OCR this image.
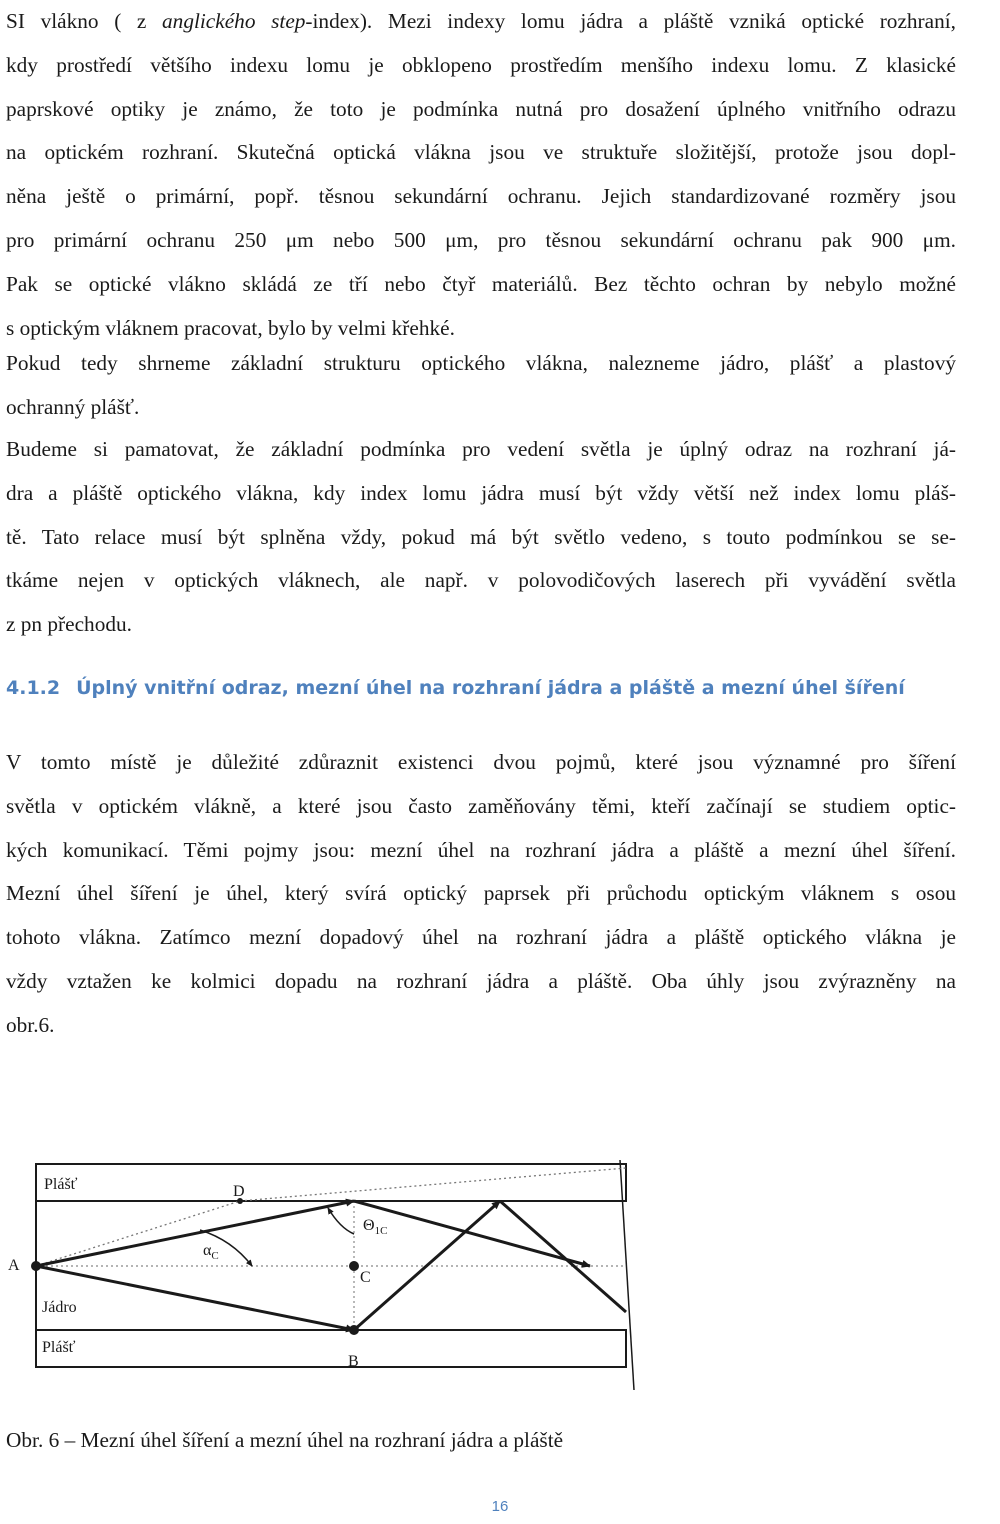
SI vlákno ( z anglického step-index). Mezi indexy lomu jádra a pláště vzniká optické rozhraní,
kdy prostředí většího indexu lomu je obklopeno prostředím menšího indexu lomu. Z klasické
paprskové optiky je známo, že toto je podmínka nutná pro dosažení úplného vnitřního odrazu
na optickém rozhraní. Skutečná optická vlákna jsou ve struktuře složitější, protože jsou dopl-
něna ještě o primární, popř. těsnou sekundární ochranu. Jejich standardizované rozměry jsou
pro primární ochranu 250 μm nebo 500 μm, pro těsnou sekundární ochranu pak 900 μm.
Pak se optické vlákno skládá ze tří nebo čtyř materiálů. Bez těchto ochran by nebylo možné
s optickým vláknem pracovat, bylo by velmi křehké.
Pokud tedy shrneme základní strukturu optického vlákna, nalezneme jádro, plášť a plastový
ochranný plášť.
Budeme si pamatovat, že základní podmínka pro vedení světla je úplný odraz na rozhraní já-
dra a pláště optického vlákna, kdy index lomu jádra musí být vždy větší než index lomu pláš-
tě. Tato relace musí být splněna vždy, pokud má být světlo vedeno, s touto podmínkou se se-
tkáme nejen v optických vláknech, ale např. v polovodičových laserech při vyvádění světla
z pn přechodu.
4.1.2 Úplný vnitřní odraz, mezní úhel na rozhraní jádra a pláště a mezní úhel šíření
V tomto místě je důležité zdůraznit existenci dvou pojmů, které jsou významné pro šíření
světla v optickém vlákně, a které jsou často zaměňovány těmi, kteří začínají se studiem optic-
kých komunikací. Těmi pojmy jsou: mezní úhel na rozhraní jádra a pláště a mezní úhel šíření.
Mezní úhel šíření je úhel, který svírá optický paprsek při průchodu optickým vláknem s osou
tohoto vlákna. Zatímco mezní dopadový úhel na rozhraní jádra a pláště optického vlákna je
vždy vztažen ke kolmici dopadu na rozhraní jádra a pláště. Oba úhly jsou zvýrazněny na
obr.6.
Plášť
Jádro
Plášť
A
B
C
D
$\alpha_C$
$\Theta_{1C}$
Obr. 6 – Mezní úhel šíření a mezní úhel na rozhraní jádra a pláště
16
